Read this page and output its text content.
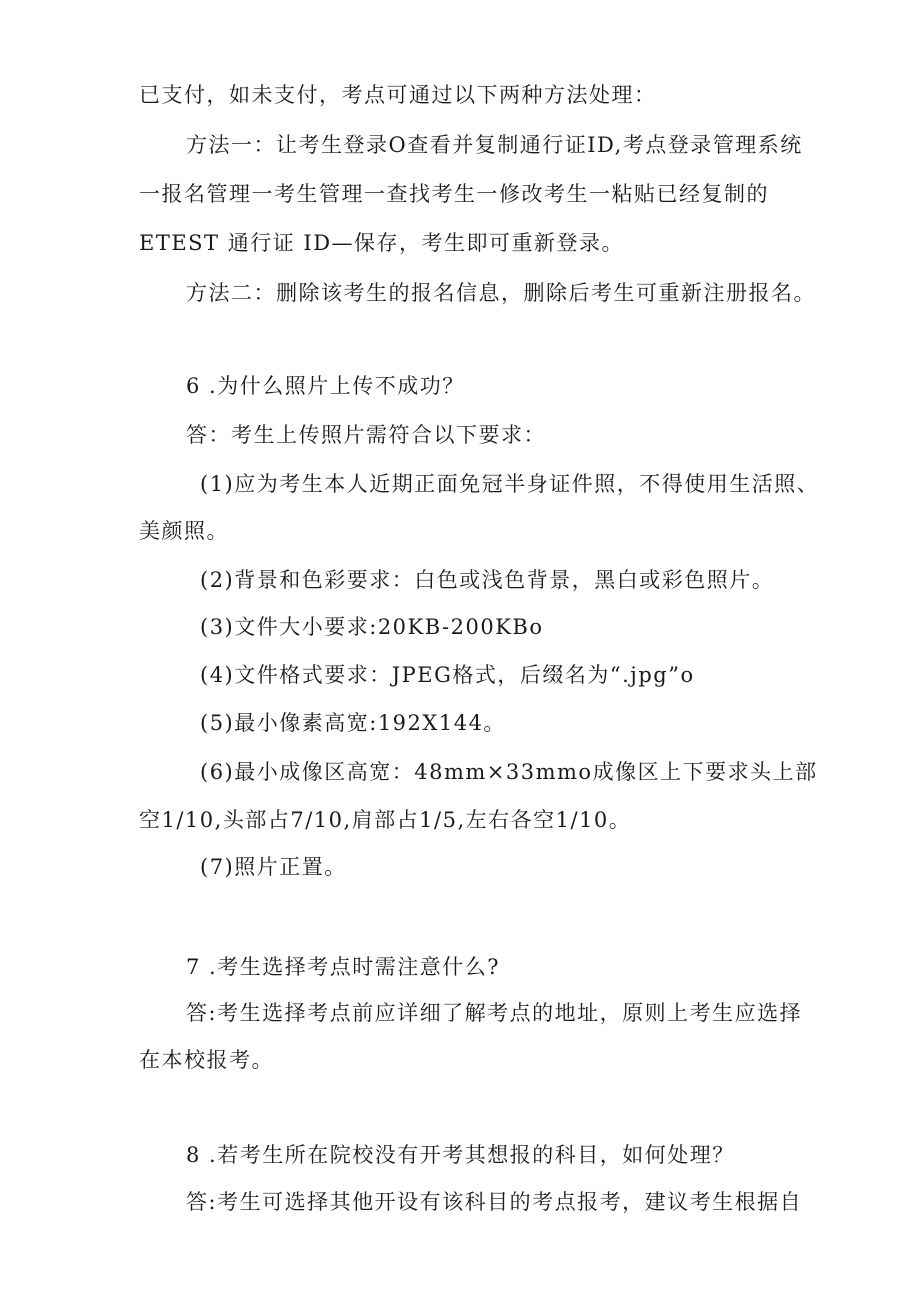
已支付，如未支付，考点可通过以下两种方法处理：
方法一：让考生登录O查看并复制通行证ID,考点登录管理系统
一报名管理一考生管理一查找考生一修改考生一粘贴已经复制的
ETEST 通行证 ID—保存，考生即可重新登录。
方法二：删除该考生的报名信息，删除后考生可重新注册报名。
6 .为什么照片上传不成功？
答：考生上传照片需符合以下要求：
(1)应为考生本人近期正面免冠半身证件照，不得使用生活照、
美颜照。
(2)背景和色彩要求：白色或浅色背景，黑白或彩色照片。
(3)文件大小要求:20KB-200KBo
(4)文件格式要求：JPEG格式，后缀名为“.jpg”o
(5)最小像素高宽:192X144。
(6)最小成像区高宽：48mm×33mmo成像区上下要求头上部
空1/10,头部占7/10,肩部占1/5,左右各空1/10。
(7)照片正置。
7 .考生选择考点时需注意什么?
答:考生选择考点前应详细了解考点的地址，原则上考生应选择
在本校报考。
8 .若考生所在院校没有开考其想报的科目，如何处理？
答:考生可选择其他开设有该科目的考点报考，建议考生根据自
